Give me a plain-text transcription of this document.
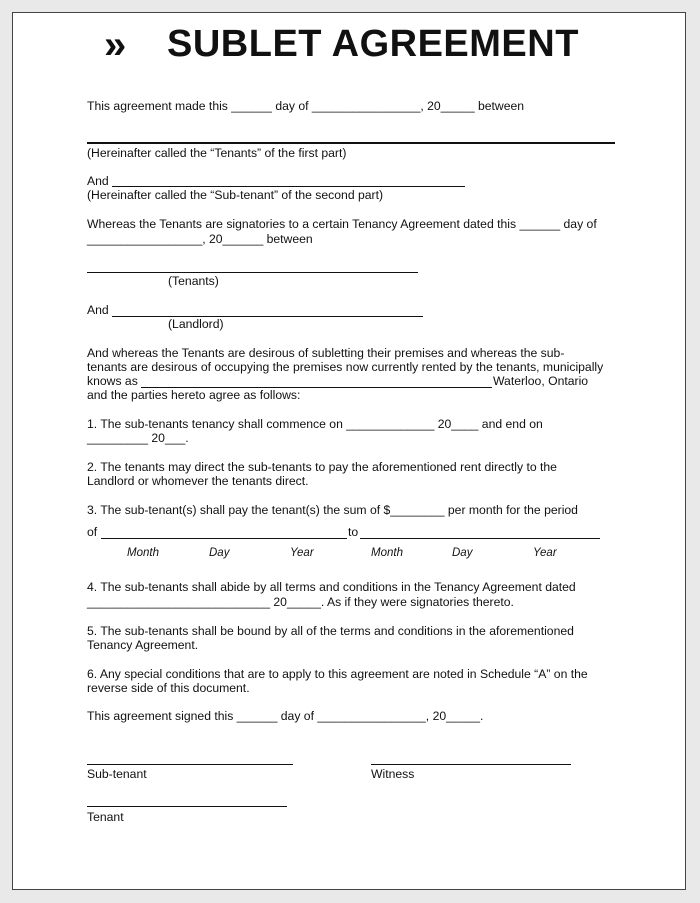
» SUBLET AGREEMENT
This agreement made this ______ day of ________________, 20_____ between
(Hereinafter called the “Tenants” of the first part)
And
(Hereinafter called the “Sub-tenant” of the second part)
Whereas the Tenants are signatories to a certain Tenancy Agreement dated this ______ day of
_________________, 20______ between
(Tenants)
And
(Landlord)
And whereas the Tenants are desirous of subletting their premises and whereas the sub-
tenants are desirous of occupying the premises now currently rented by the tenants, municipally
knows as	Waterloo, Ontario
and the parties hereto agree as follows:
1. The sub-tenants tenancy shall commence on _____________ 20____ and end on
_________ 20___.
2. The tenants may direct the sub-tenants to pay the aforementioned rent directly to the
Landlord or whomever the tenants direct.
3. The sub-tenant(s) shall pay the tenant(s) the sum of $________ per month for the period
of	to
Month	Day	Year	Month	Day	Year
4. The sub-tenants shall abide by all terms and conditions in the Tenancy Agreement dated
___________________________ 20_____. As if they were signatories thereto.
5. The sub-tenants shall be bound by all of the terms and conditions in the aforementioned
Tenancy Agreement.
6. Any special conditions that are to apply to this agreement are noted in Schedule “A” on the
reverse side of this document.
This agreement signed this ______ day of ________________, 20_____.
Sub-tenant	Witness
Tenant
